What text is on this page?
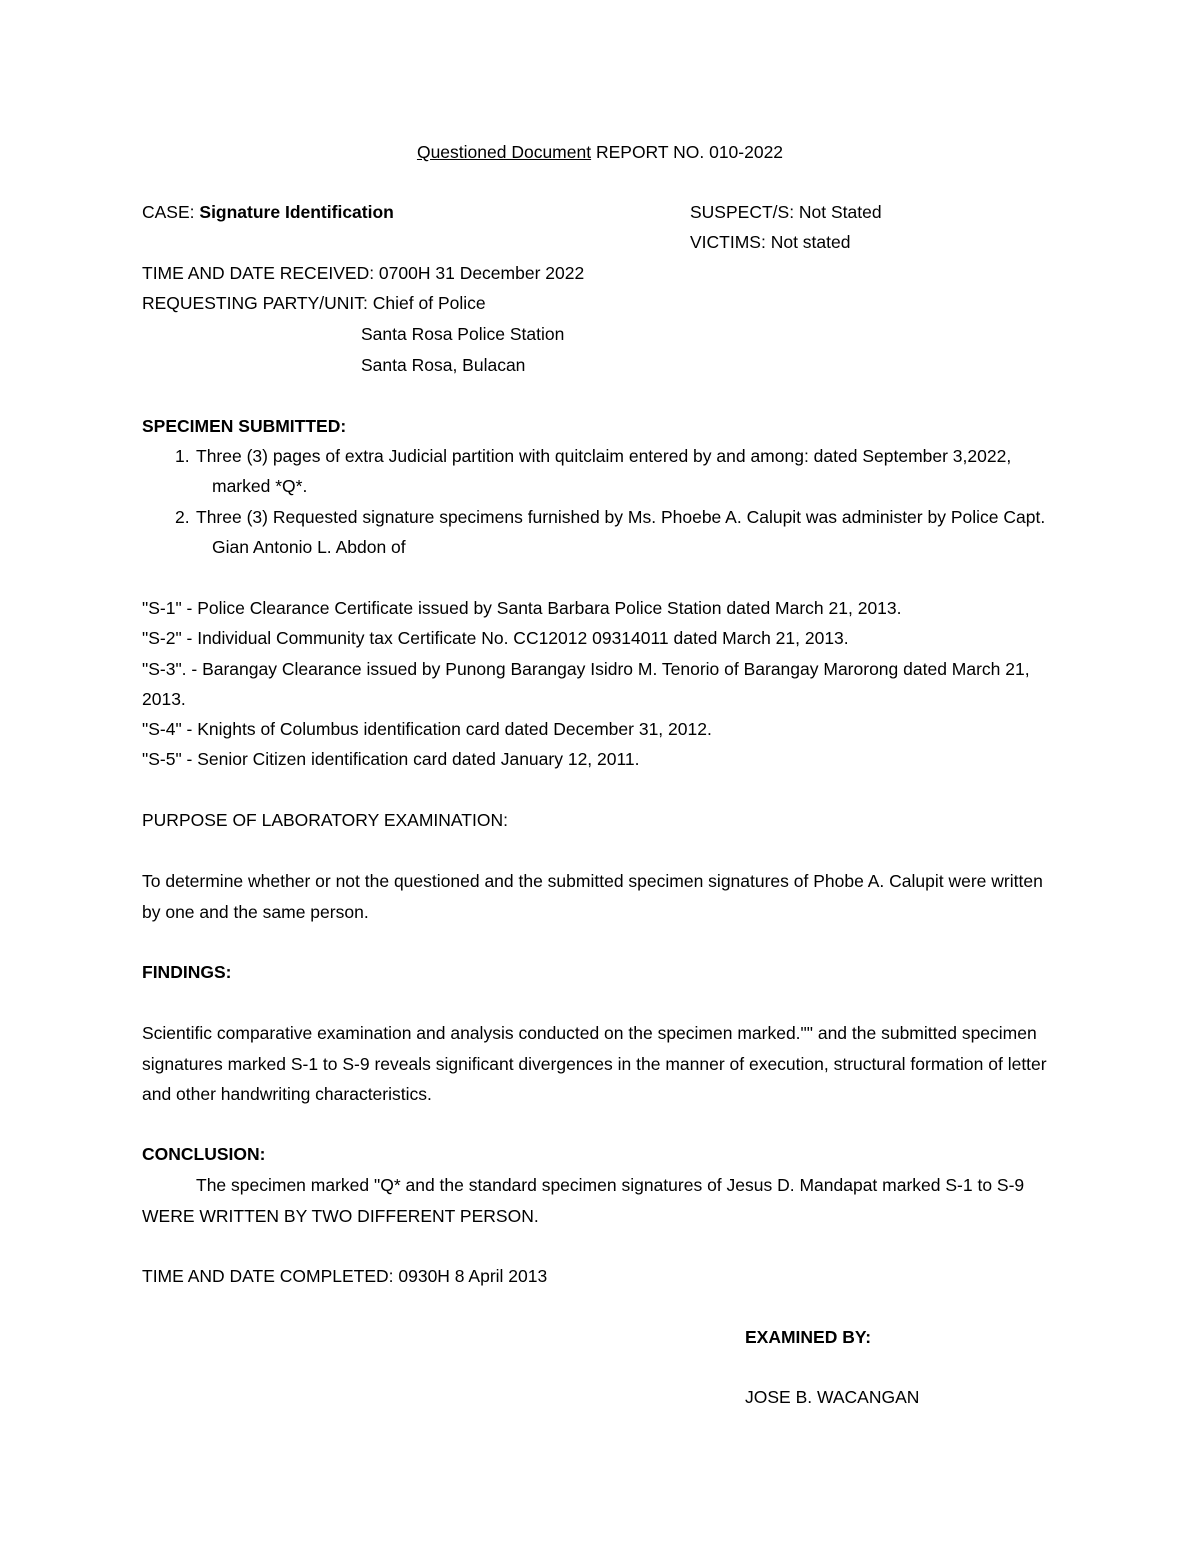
Questioned Document REPORT NO. 010-2022
CASE: Signature Identification	SUSPECT/S: Not Stated
VICTIMS: Not stated
TIME AND DATE RECEIVED: 0700H 31 December 2022
REQUESTING PARTY/UNIT: Chief of Police
Santa Rosa Police Station
Santa Rosa, Bulacan
SPECIMEN SUBMITTED:
1. Three (3) pages of extra Judicial partition with quitclaim entered by and among: dated September 3,2022,
marked *Q*.
2. Three (3) Requested signature specimens furnished by Ms. Phoebe A. Calupit was administer by Police Capt.
Gian Antonio L. Abdon of
"S-1" - Police Clearance Certificate issued by Santa Barbara Police Station dated March 21, 2013.
"S-2" - Individual Community tax Certificate No. CC12012 09314011 dated March 21, 2013.
"S-3". - Barangay Clearance issued by Punong Barangay Isidro M. Tenorio of Barangay Marorong dated March 21,
2013.
"S-4" - Knights of Columbus identification card dated December 31, 2012.
"S-5" - Senior Citizen identification card dated January 12, 2011.
PURPOSE OF LABORATORY EXAMINATION:
To determine whether or not the questioned and the submitted specimen signatures of Phobe A. Calupit were written
by one and the same person.
FINDINGS:
Scientific comparative examination and analysis conducted on the specimen marked."" and the submitted specimen
signatures marked S-1 to S-9 reveals significant divergences in the manner of execution, structural formation of letter
and other handwriting characteristics.
CONCLUSION:
The specimen marked "Q* and the standard specimen signatures of Jesus D. Mandapat marked S-1 to S-9
WERE WRITTEN BY TWO DIFFERENT PERSON.
TIME AND DATE COMPLETED: 0930H 8 April 2013
EXAMINED BY:
JOSE B. WACANGAN
